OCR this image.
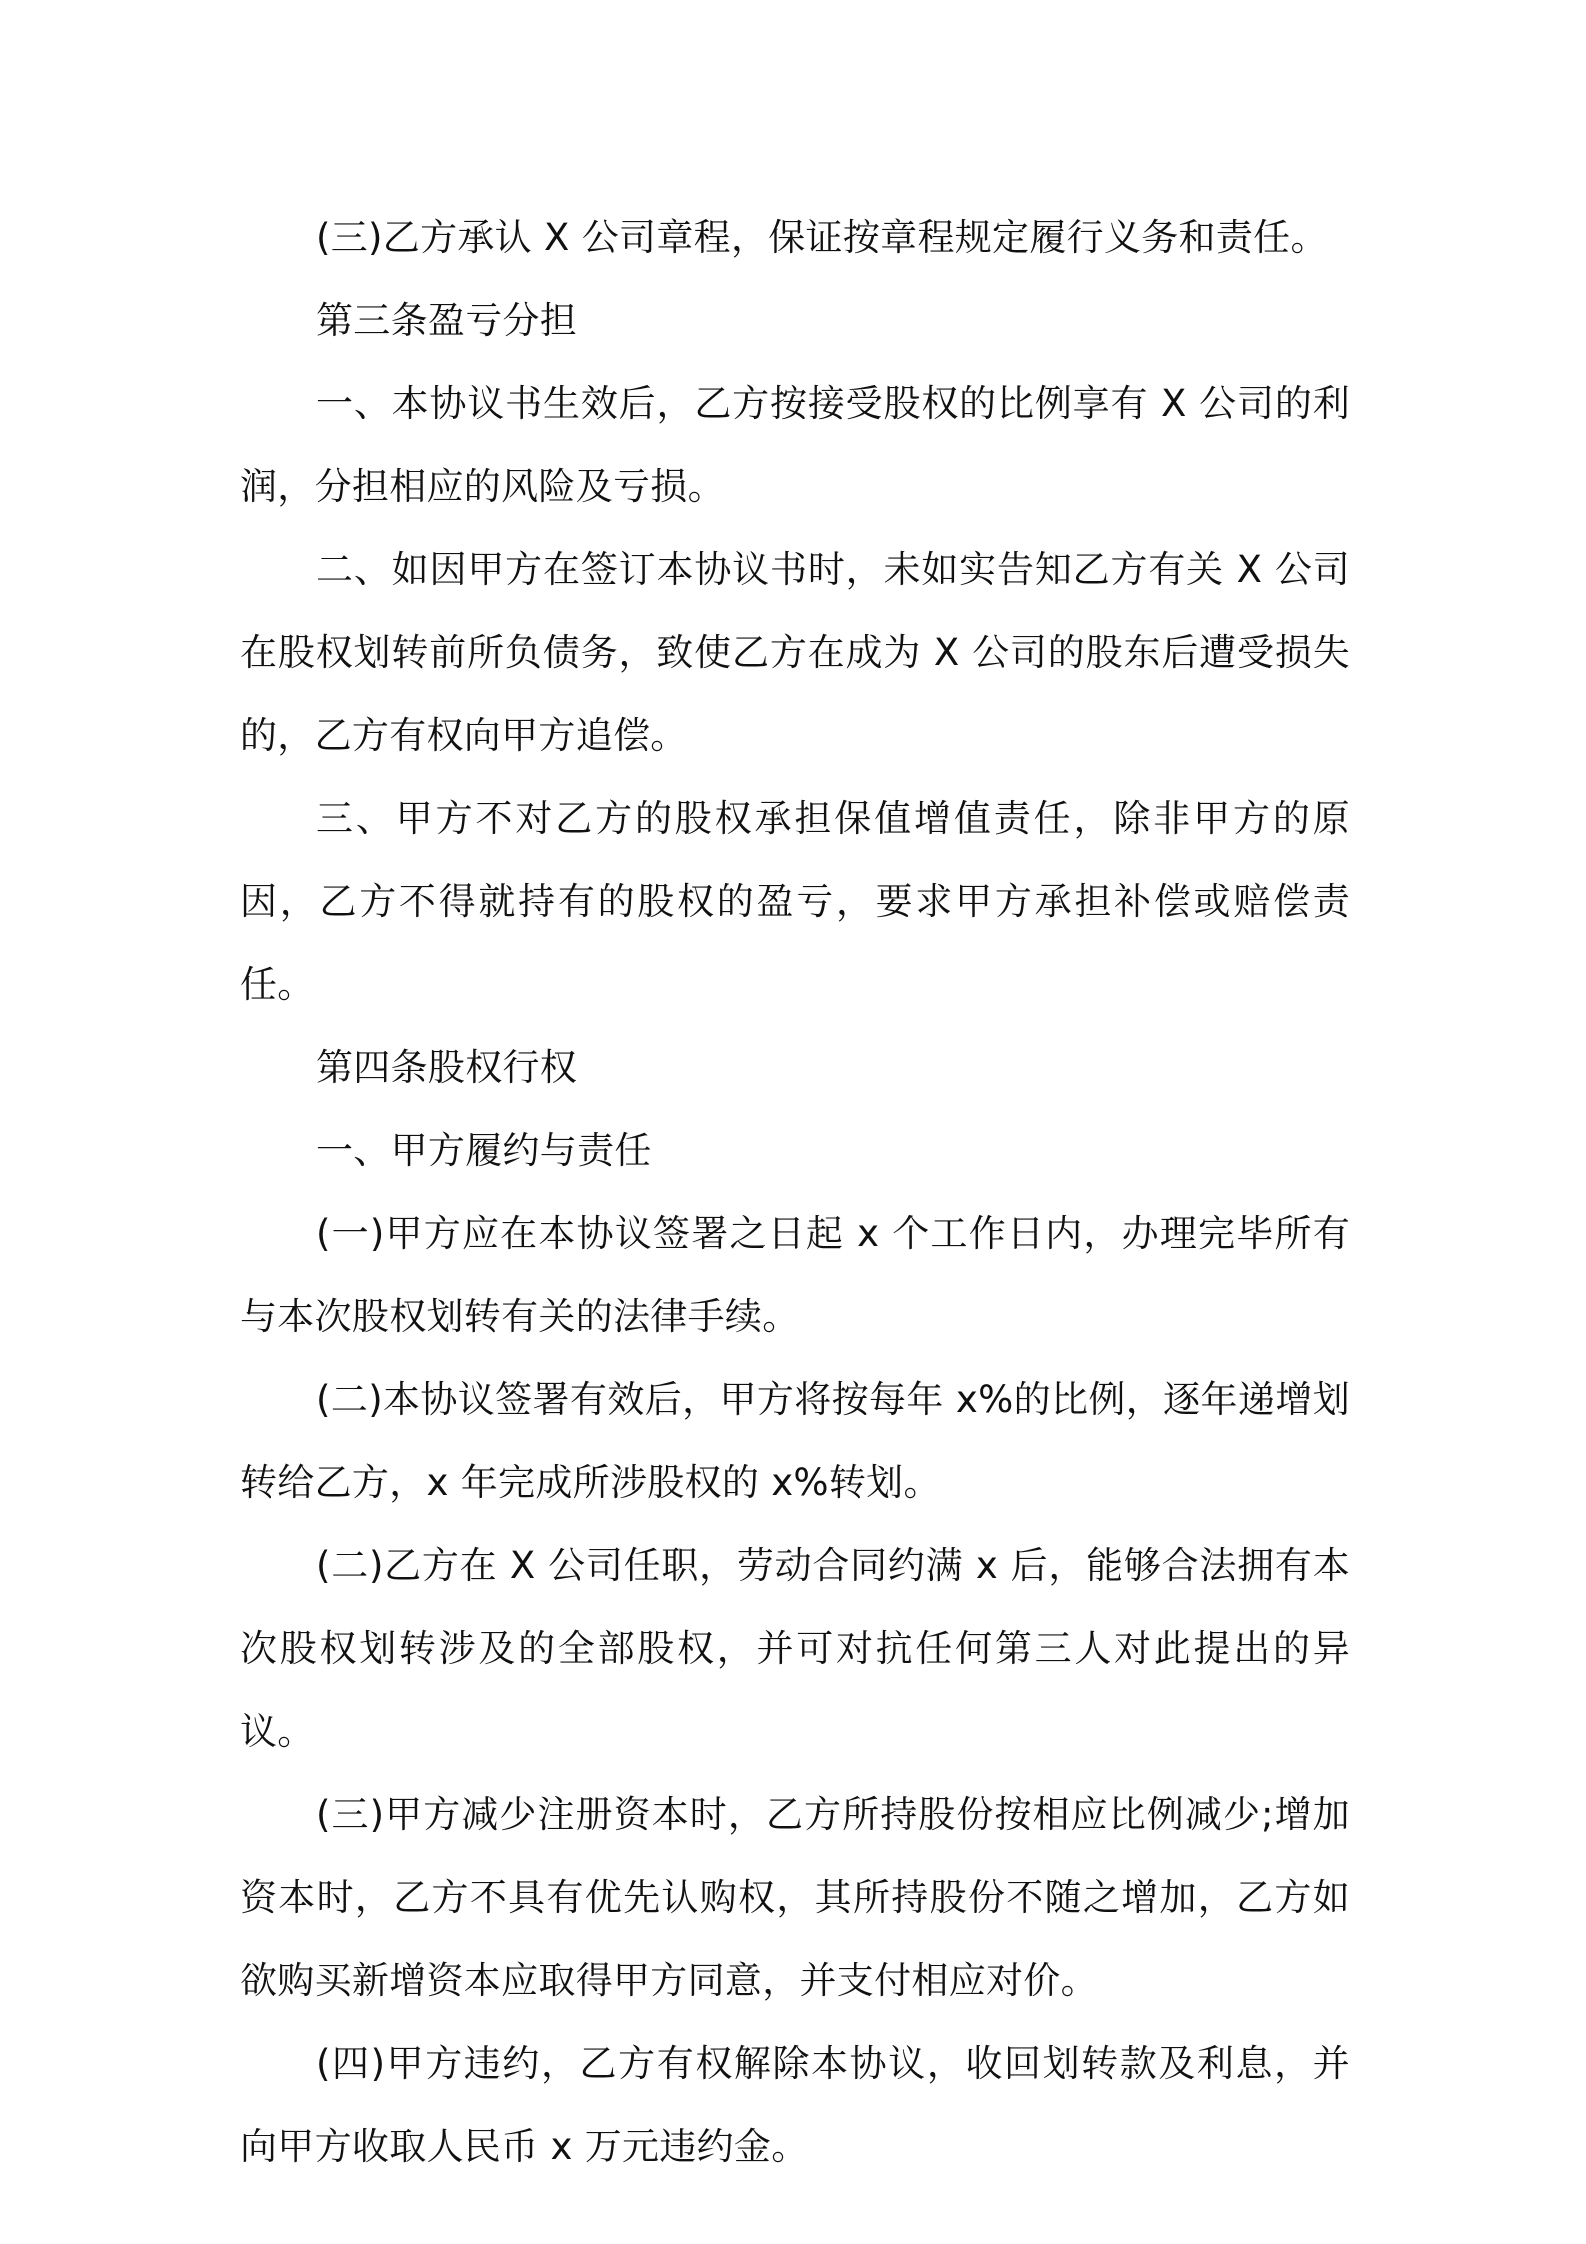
(三)乙方承认 X 公司章程，保证按章程规定履行义务和责任。

第三条盈亏分担

一、本协议书生效后，乙方按接受股权的比例享有 X 公司的利润，分担相应的风险及亏损。

二、如因甲方在签订本协议书时，未如实告知乙方有关 X 公司在股权划转前所负债务，致使乙方在成为 X 公司的股东后遭受损失的，乙方有权向甲方追偿。

三、甲方不对乙方的股权承担保值增值责任，除非甲方的原因，乙方不得就持有的股权的盈亏，要求甲方承担补偿或赔偿责任。

第四条股权行权

一、甲方履约与责任

(一)甲方应在本协议签署之日起 x 个工作日内，办理完毕所有与本次股权划转有关的法律手续。

(二)本协议签署有效后，甲方将按每年 x%的比例，逐年递增划转给乙方，x 年完成所涉股权的 x%转划。

(二)乙方在 X 公司任职，劳动合同约满 x 后，能够合法拥有本次股权划转涉及的全部股权，并可对抗任何第三人对此提出的异议。

(三)甲方减少注册资本时，乙方所持股份按相应比例减少;增加资本时，乙方不具有优先认购权，其所持股份不随之增加，乙方如欲购买新增资本应取得甲方同意，并支付相应对价。

(四)甲方违约，乙方有权解除本协议，收回划转款及利息，并向甲方收取人民币 x 万元违约金。
